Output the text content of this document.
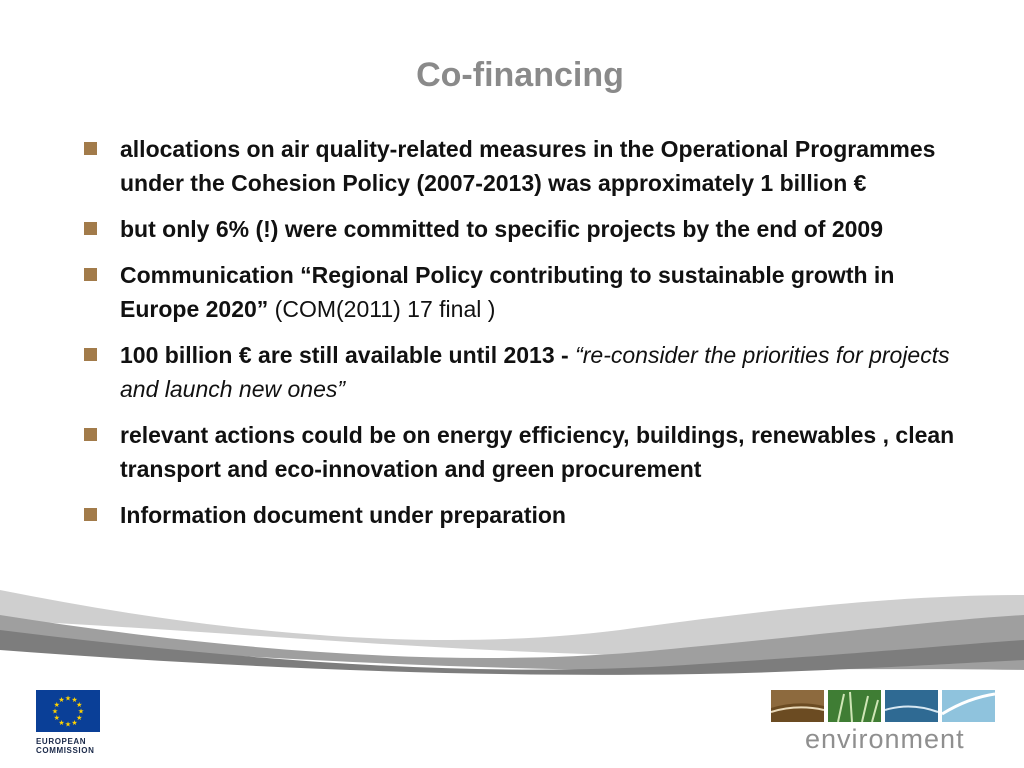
Co-financing
allocations on air quality-related measures in the Operational Programmes under the Cohesion Policy (2007-2013) was approximately 1 billion €
but only 6% (!) were committed to specific projects by the end of 2009
Communication “Regional Policy contributing to sustainable growth in Europe 2020” (COM(2011) 17 final )
100 billion € are still available until 2013 - “re-consider the priorities for projects and launch new ones”
relevant actions could be on energy efficiency, buildings, renewables , clean transport and eco-innovation and green procurement
Information document under preparation
★
★
★
★
★
★
★
★
★ ★ ★
★
EUROPEAN
COMMISSION	environment
